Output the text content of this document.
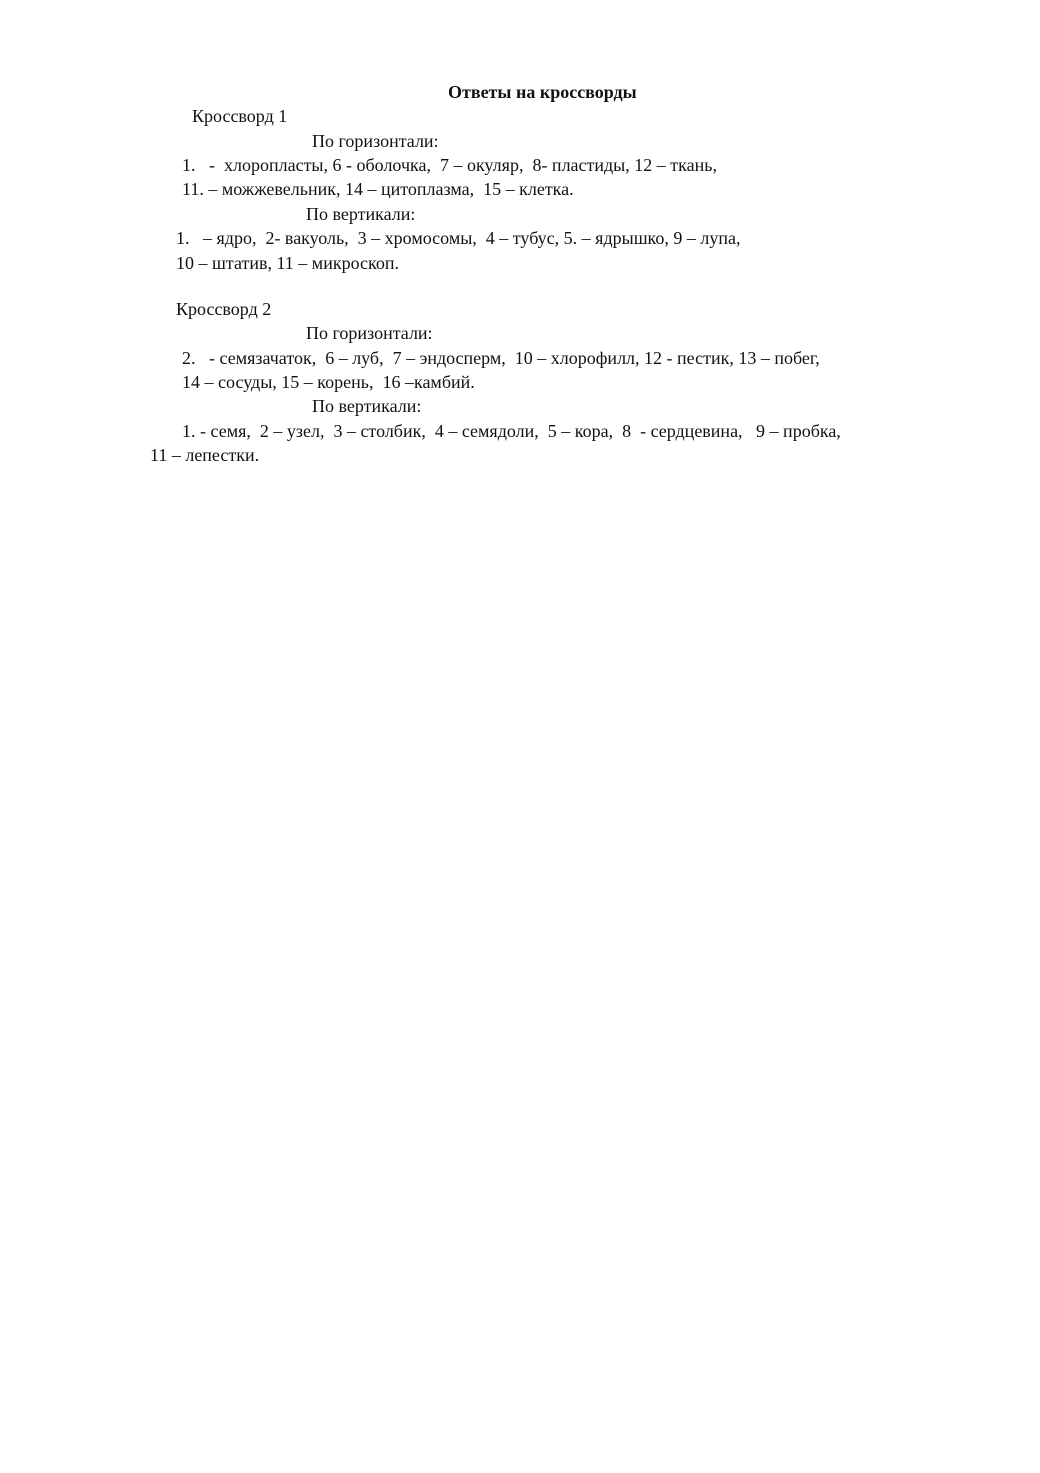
Ответы на кроссворды

Кроссворд 1

По горизонтали:

1.   -  хлоропласты, 6 - оболочка,  7 – окуляр,  8- пластиды, 12 – ткань,

11. – можжевельник, 14 – цитоплазма,  15 – клетка.

По вертикали:

1.   – ядро,  2- вакуоль,  3 – хромосомы,  4 – тубус, 5. – ядрышко, 9 – лупа,

10 – штатив, 11 – микроскоп.

Кроссворд 2

По горизонтали:

2.   - семязачаток,  6 – луб,  7 – эндосперм,  10 – хлорофилл, 12 - пестик, 13 – побег,

14 – сосуды, 15 – корень,  16 –камбий.

По вертикали:

1. - семя,  2 – узел,  3 – столбик,  4 – семядоли,  5 – кора,  8  - сердцевина,   9 – пробка,

11 – лепестки.
